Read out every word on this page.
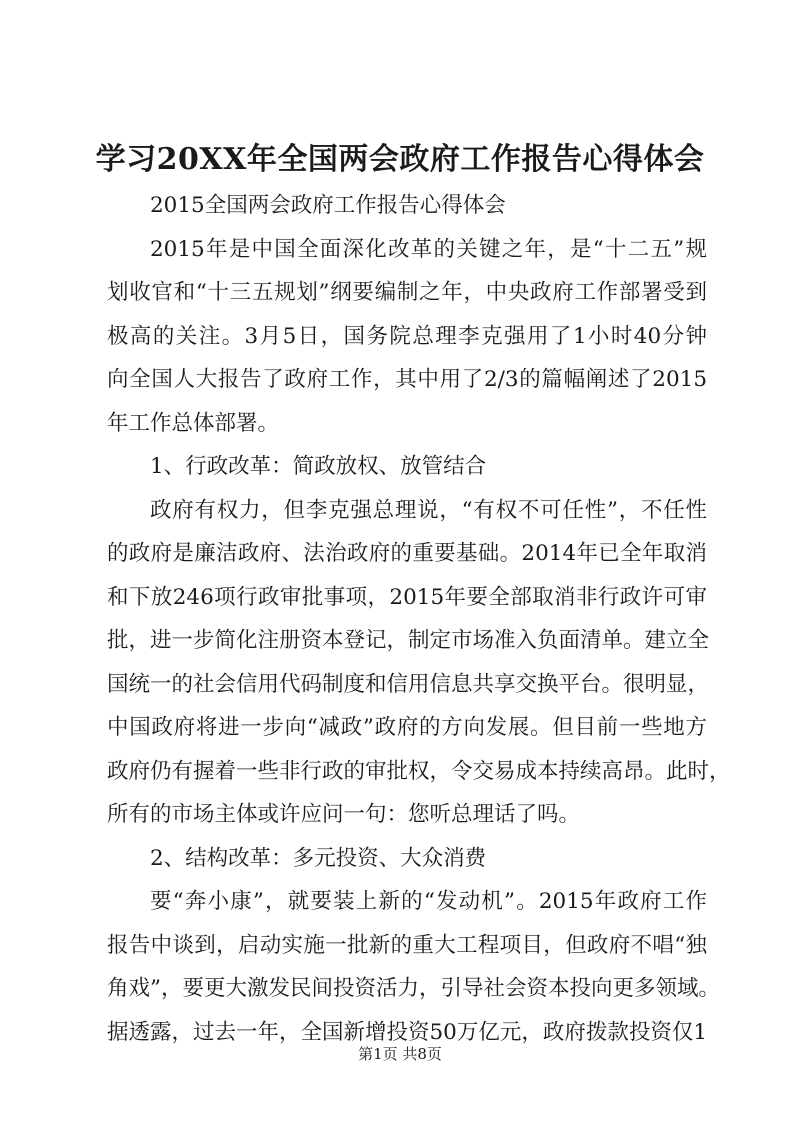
学习20XX年全国两会政府工作报告心得体会
2015全国两会政府工作报告心得体会
2015年是中国全面深化改革的关键之年，是“十二五”规
划收官和“十三五规划”纲要编制之年，中央政府工作部署受到
极高的关注。3月5日，国务院总理李克强用了1小时40分钟
向全国人大报告了政府工作，其中用了2/3的篇幅阐述了2015
年工作总体部署。
1、行政改革：简政放权、放管结合
政府有权力，但李克强总理说，“有权不可任性”，不任性
的政府是廉洁政府、法治政府的重要基础。2014年已全年取消
和下放246项行政审批事项，2015年要全部取消非行政许可审
批，进一步简化注册资本登记，制定市场准入负面清单。建立全
国统一的社会信用代码制度和信用信息共享交换平台。很明显，
中国政府将进一步向“减政”政府的方向发展。但目前一些地方
政府仍有握着一些非行政的审批权，令交易成本持续高昂。此时，
所有的市场主体或许应问一句：您听总理话了吗。
2、结构改革：多元投资、大众消费
要“奔小康”，就要装上新的“发动机”。2015年政府工作
报告中谈到，启动实施一批新的重大工程项目，但政府不唱“独
角戏”，要更大激发民间投资活力，引导社会资本投向更多领域。
据透露，过去一年，全国新增投资50万亿元，政府拨款投资仅1
第1页 共8页
